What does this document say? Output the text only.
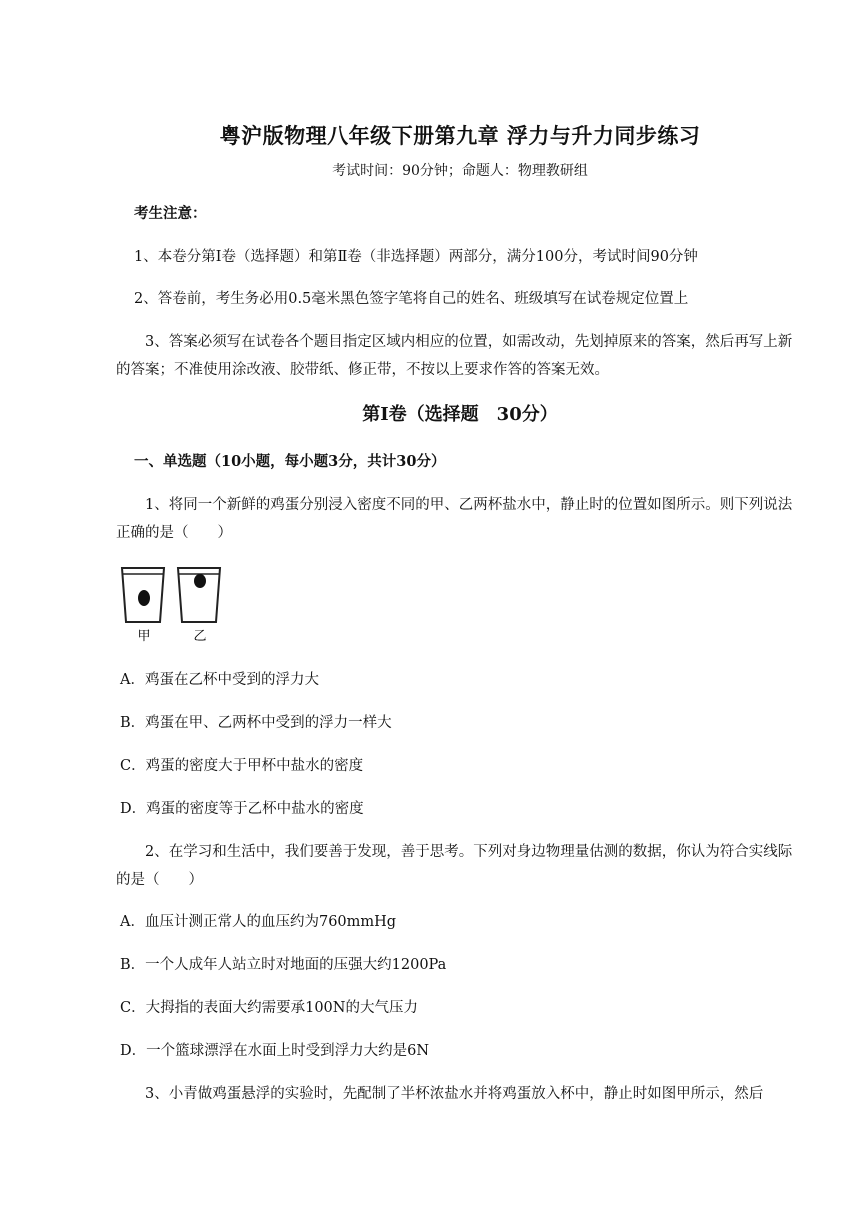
粤沪版物理八年级下册第九章 浮力与升力同步练习
考试时间：90分钟；命题人：物理教研组
考生注意：
1、本卷分第Ⅰ卷（选择题）和第Ⅱ卷（非选择题）两部分，满分100分，考试时间90分钟
2、答卷前，考生务必用0.5毫米黑色签字笔将自己的姓名、班级填写在试卷规定位置上
3、答案必须写在试卷各个题目指定区域内相应的位置，如需改动，先划掉原来的答案，然后再写上新的答案；不准使用涂改液、胶带纸、修正带，不按以上要求作答的答案无效。
第Ⅰ卷（选择题　30分）
一、单选题（10小题，每小题3分，共计30分）
1、将同一个新鲜的鸡蛋分别浸入密度不同的甲、乙两杯盐水中，静止时的位置如图所示。则下列说法正确的是（　　）
甲	乙
A．鸡蛋在乙杯中受到的浮力大
B．鸡蛋在甲、乙两杯中受到的浮力一样大
C．鸡蛋的密度大于甲杯中盐水的密度
D．鸡蛋的密度等于乙杯中盐水的密度
2、在学习和生活中，我们要善于发现，善于思考。下列对身边物理量估测的数据，你认为符合实线际的是（　　）
A．血压计测正常人的血压约为760mmHg
B．一个人成年人站立时对地面的压强大约1200Pa
C．大拇指的表面大约需要承100N的大气压力
D．一个篮球漂浮在水面上时受到浮力大约是6N
3、小青做鸡蛋悬浮的实验时，先配制了半杯浓盐水并将鸡蛋放入杯中，静止时如图甲所示，然后
